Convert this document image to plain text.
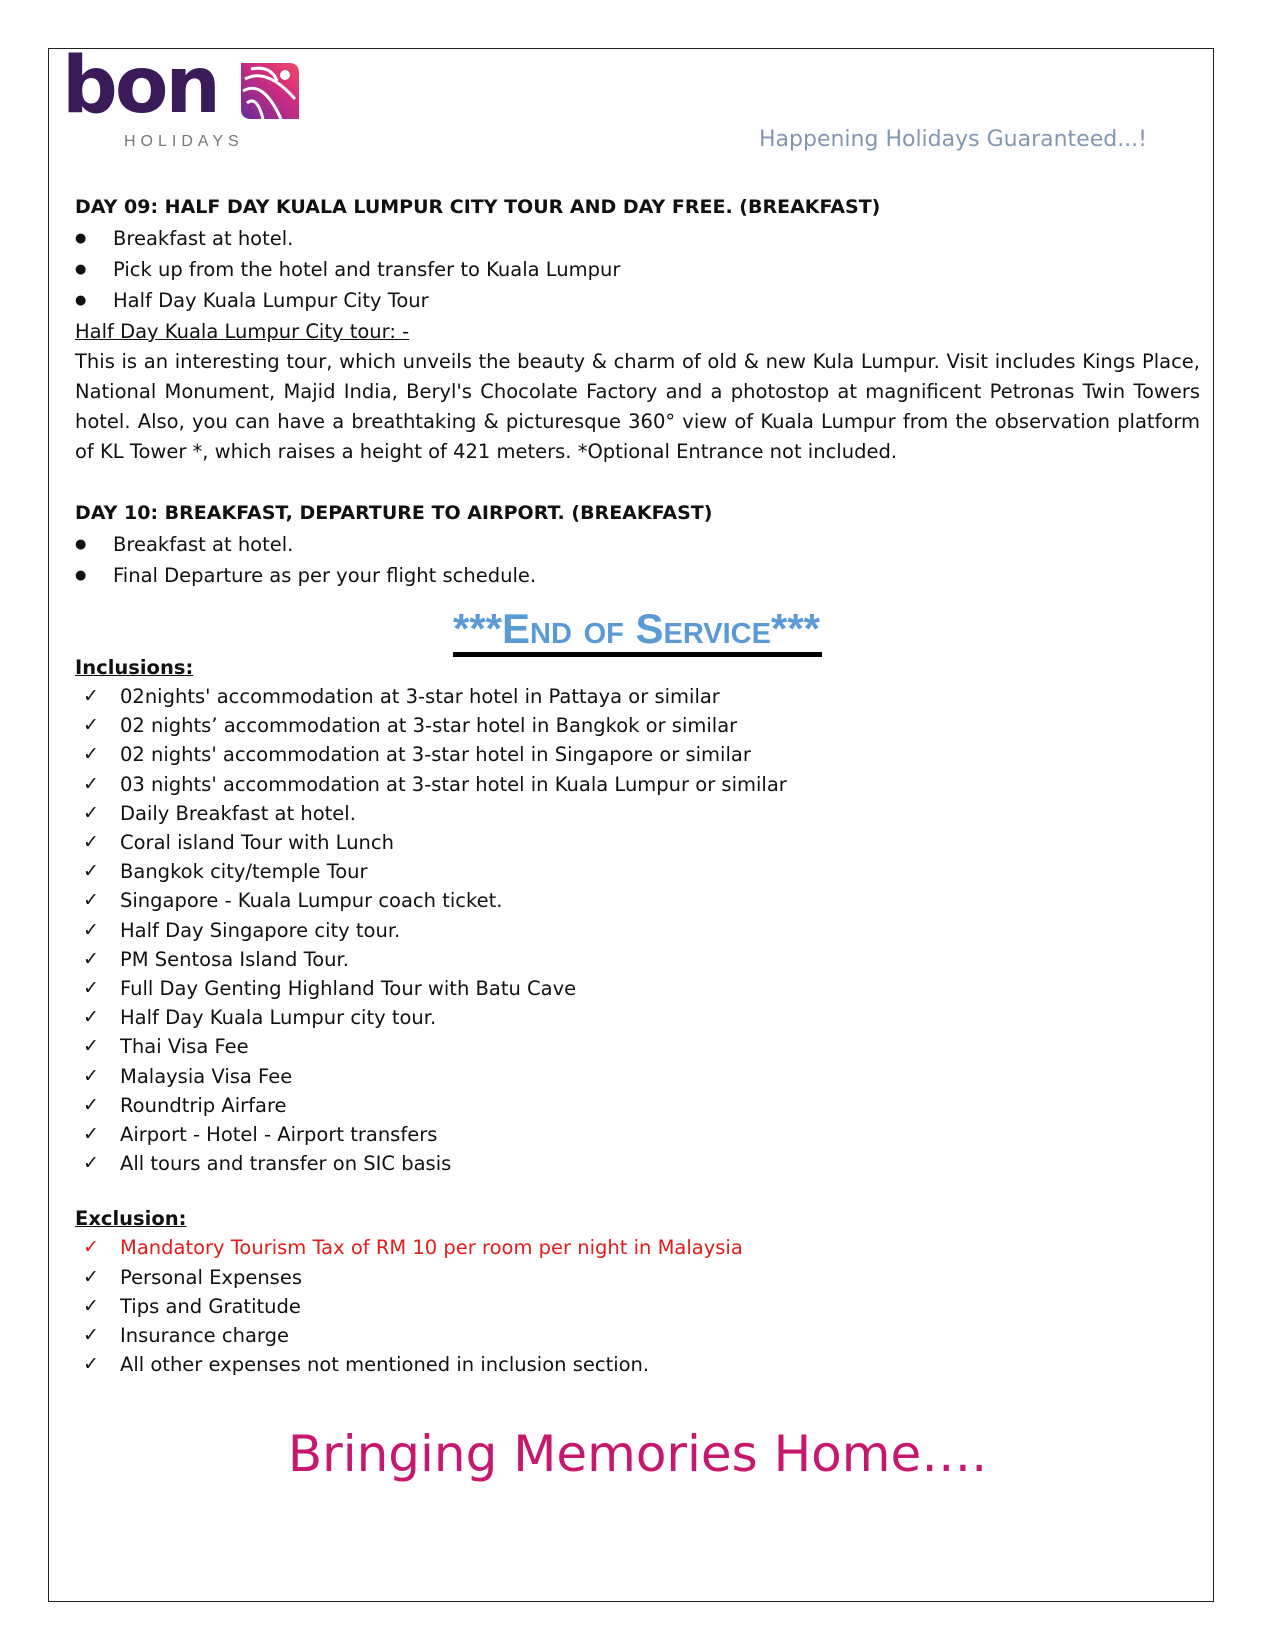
bon
HOLIDAYS	Happening Holidays Guaranteed...!

DAY 09: HALF DAY KUALA LUMPUR CITY TOUR AND DAY FREE. (BREAKFAST)

● Breakfast at hotel.
● Pick up from the hotel and transfer to Kuala Lumpur
● Half Day Kuala Lumpur City Tour

Half Day Kuala Lumpur City tour: -

This is an interesting tour, which unveils the beauty & charm of old & new Kula Lumpur. Visit includes Kings Place, National Monument, Majid India, Beryl's Chocolate Factory and a photostop at magnificent Petronas Twin Towers hotel. Also, you can have a breathtaking & picturesque 360° view of Kuala Lumpur from the observation platform of KL Tower *, which raises a height of 421 meters. *Optional Entrance not included.

DAY 10: BREAKFAST, DEPARTURE TO AIRPORT. (BREAKFAST)

● Breakfast at hotel.
● Final Departure as per your flight schedule.

***End of Service***

Inclusions:

✓ 02nights' accommodation at 3-star hotel in Pattaya or similar
✓ 02 nights’ accommodation at 3-star hotel in Bangkok or similar
✓ 02 nights' accommodation at 3-star hotel in Singapore or similar
✓ 03 nights' accommodation at 3-star hotel in Kuala Lumpur or similar
✓ Daily Breakfast at hotel.
✓ Coral island Tour with Lunch
✓ Bangkok city/temple Tour
✓ Singapore - Kuala Lumpur coach ticket.
✓ Half Day Singapore city tour.
✓ PM Sentosa Island Tour.
✓ Full Day Genting Highland Tour with Batu Cave
✓ Half Day Kuala Lumpur city tour.
✓ Thai Visa Fee
✓ Malaysia Visa Fee
✓ Roundtrip Airfare
✓ Airport - Hotel - Airport transfers
✓ All tours and transfer on SIC basis

Exclusion:

✓ Mandatory Tourism Tax of RM 10 per room per night in Malaysia
✓ Personal Expenses
✓ Tips and Gratitude
✓ Insurance charge
✓ All other expenses not mentioned in inclusion section.
Bringing Memories Home….
